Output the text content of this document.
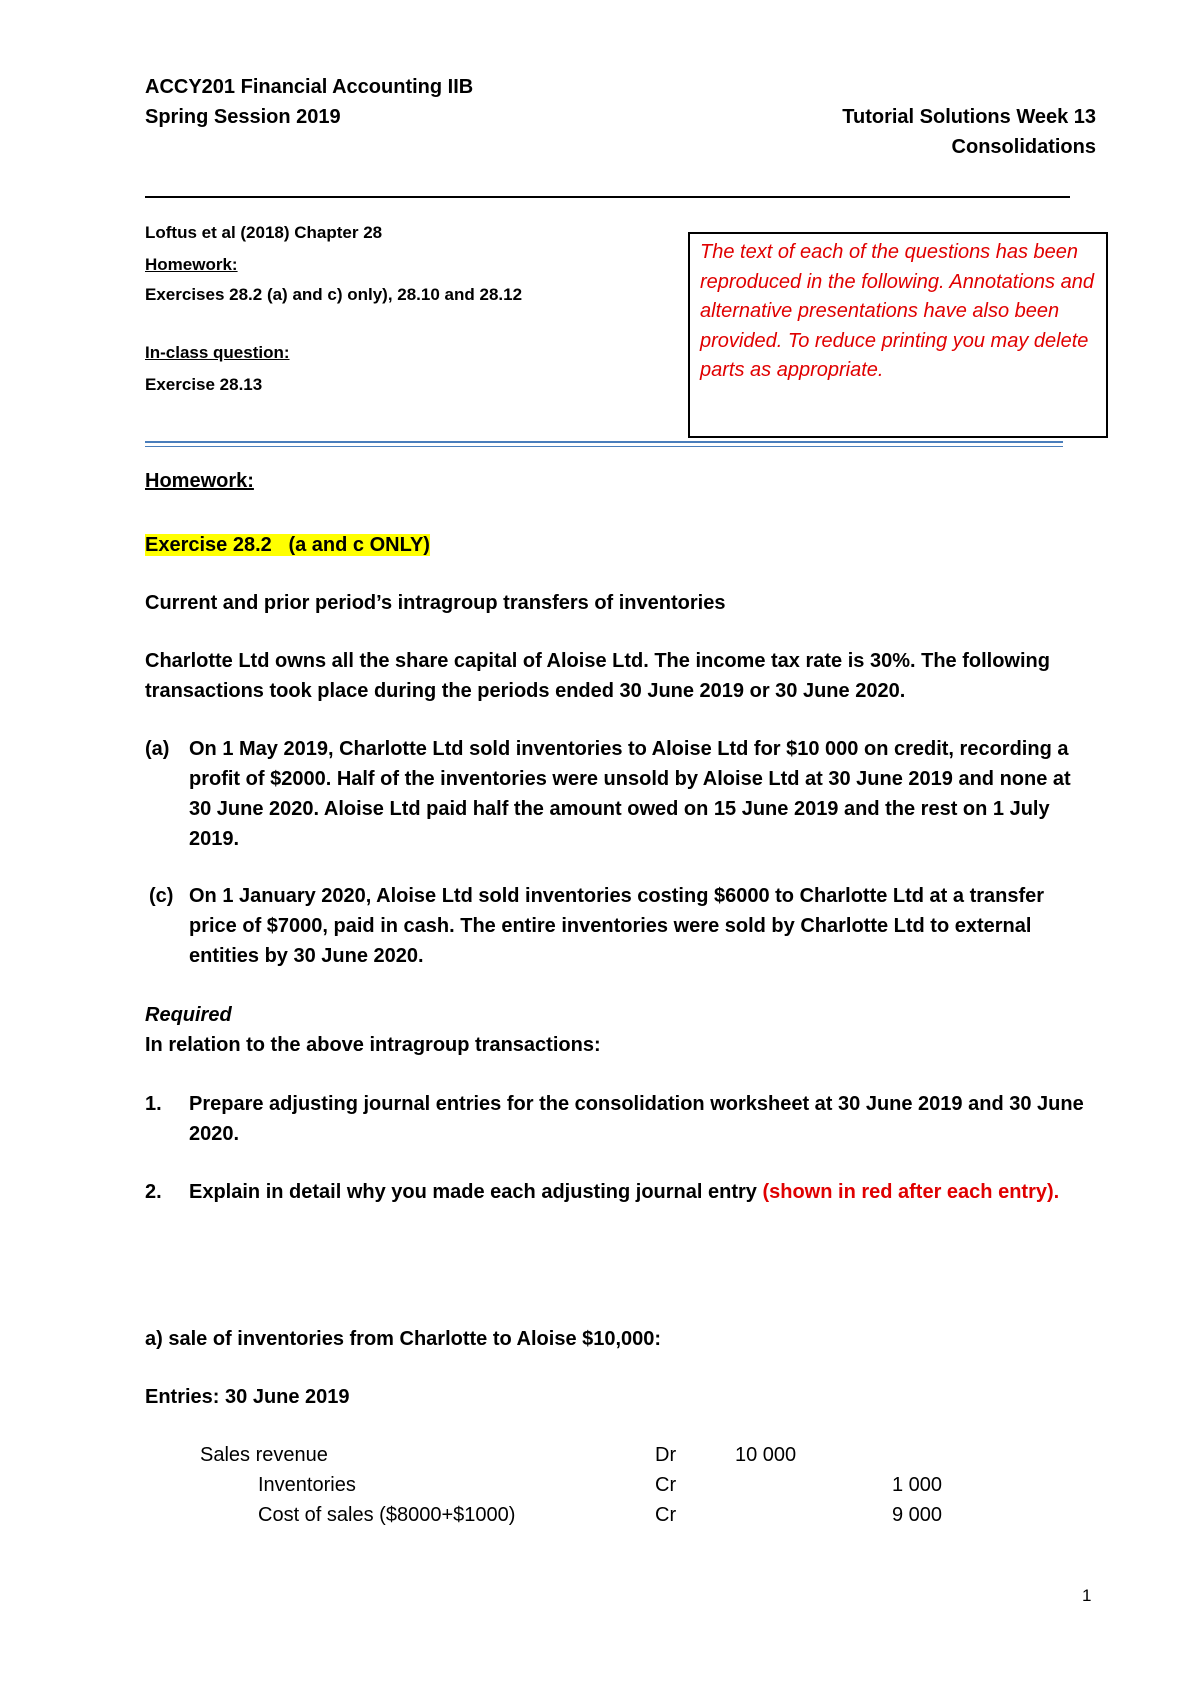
ACCY201 Financial Accounting IIB
Spring Session 2019	Tutorial Solutions Week 13
Consolidations
Loftus et al (2018) Chapter 28
Homework:
Exercises 28.2 (a) and c) only), 28.10 and 28.12
In-class question:
Exercise 28.13
The text of each of the questions has been reproduced in the following. Annotations and alternative presentations have also been provided. To reduce printing you may delete parts as appropriate.
Homework:
Exercise 28.2   (a and c ONLY)
Current and prior period’s intragroup transfers of inventories
Charlotte Ltd owns all the share capital of Aloise Ltd. The income tax rate is 30%. The following transactions took place during the periods ended 30 June 2019 or 30 June 2020.
(a) On 1 May 2019, Charlotte Ltd sold inventories to Aloise Ltd for $10 000 on credit, recording a profit of $2000. Half of the inventories were unsold by Aloise Ltd at 30 June 2019 and none at 30 June 2020. Aloise Ltd paid half the amount owed on 15 June 2019 and the rest on 1 July 2019.
(c) On 1 January 2020, Aloise Ltd sold inventories costing $6000 to Charlotte Ltd at a transfer price of $7000, paid in cash. The entire inventories were sold by Charlotte Ltd to external entities by 30 June 2020.
Required
In relation to the above intragroup transactions:
1. Prepare adjusting journal entries for the consolidation worksheet at 30 June 2019 and 30 June 2020.
2. Explain in detail why you made each adjusting journal entry (shown in red after each entry).
a) sale of inventories from Charlotte to Aloise $10,000:
Entries: 30 June 2019
Sales revenue	Dr	10 000
Inventories	Cr	1 000
Cost of sales ($8000+$1000)	Cr	9 000
1
